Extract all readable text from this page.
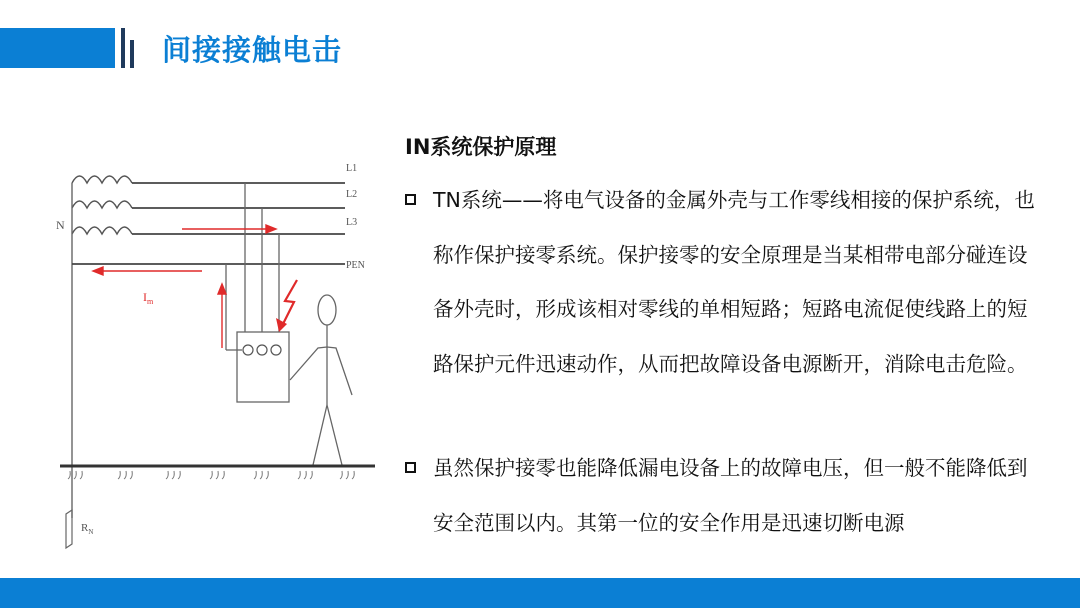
间接接触电击
L1
L2
L3
PEN
N
$I_m$
$R_N$
IN系统保护原理
TN系统——将电气设备的金属外壳与工作零线相接的保护系统，也称作保护接零系统。保护接零的安全原理是当某相带电部分碰连设备外壳时，形成该相对零线的单相短路；短路电流促使线路上的短路保护元件迅速动作，从而把故障设备电源断开，消除电击危险。
虽然保护接零也能降低漏电设备上的故障电压，但一般不能降低到安全范围以内。其第一位的安全作用是迅速切断电源
